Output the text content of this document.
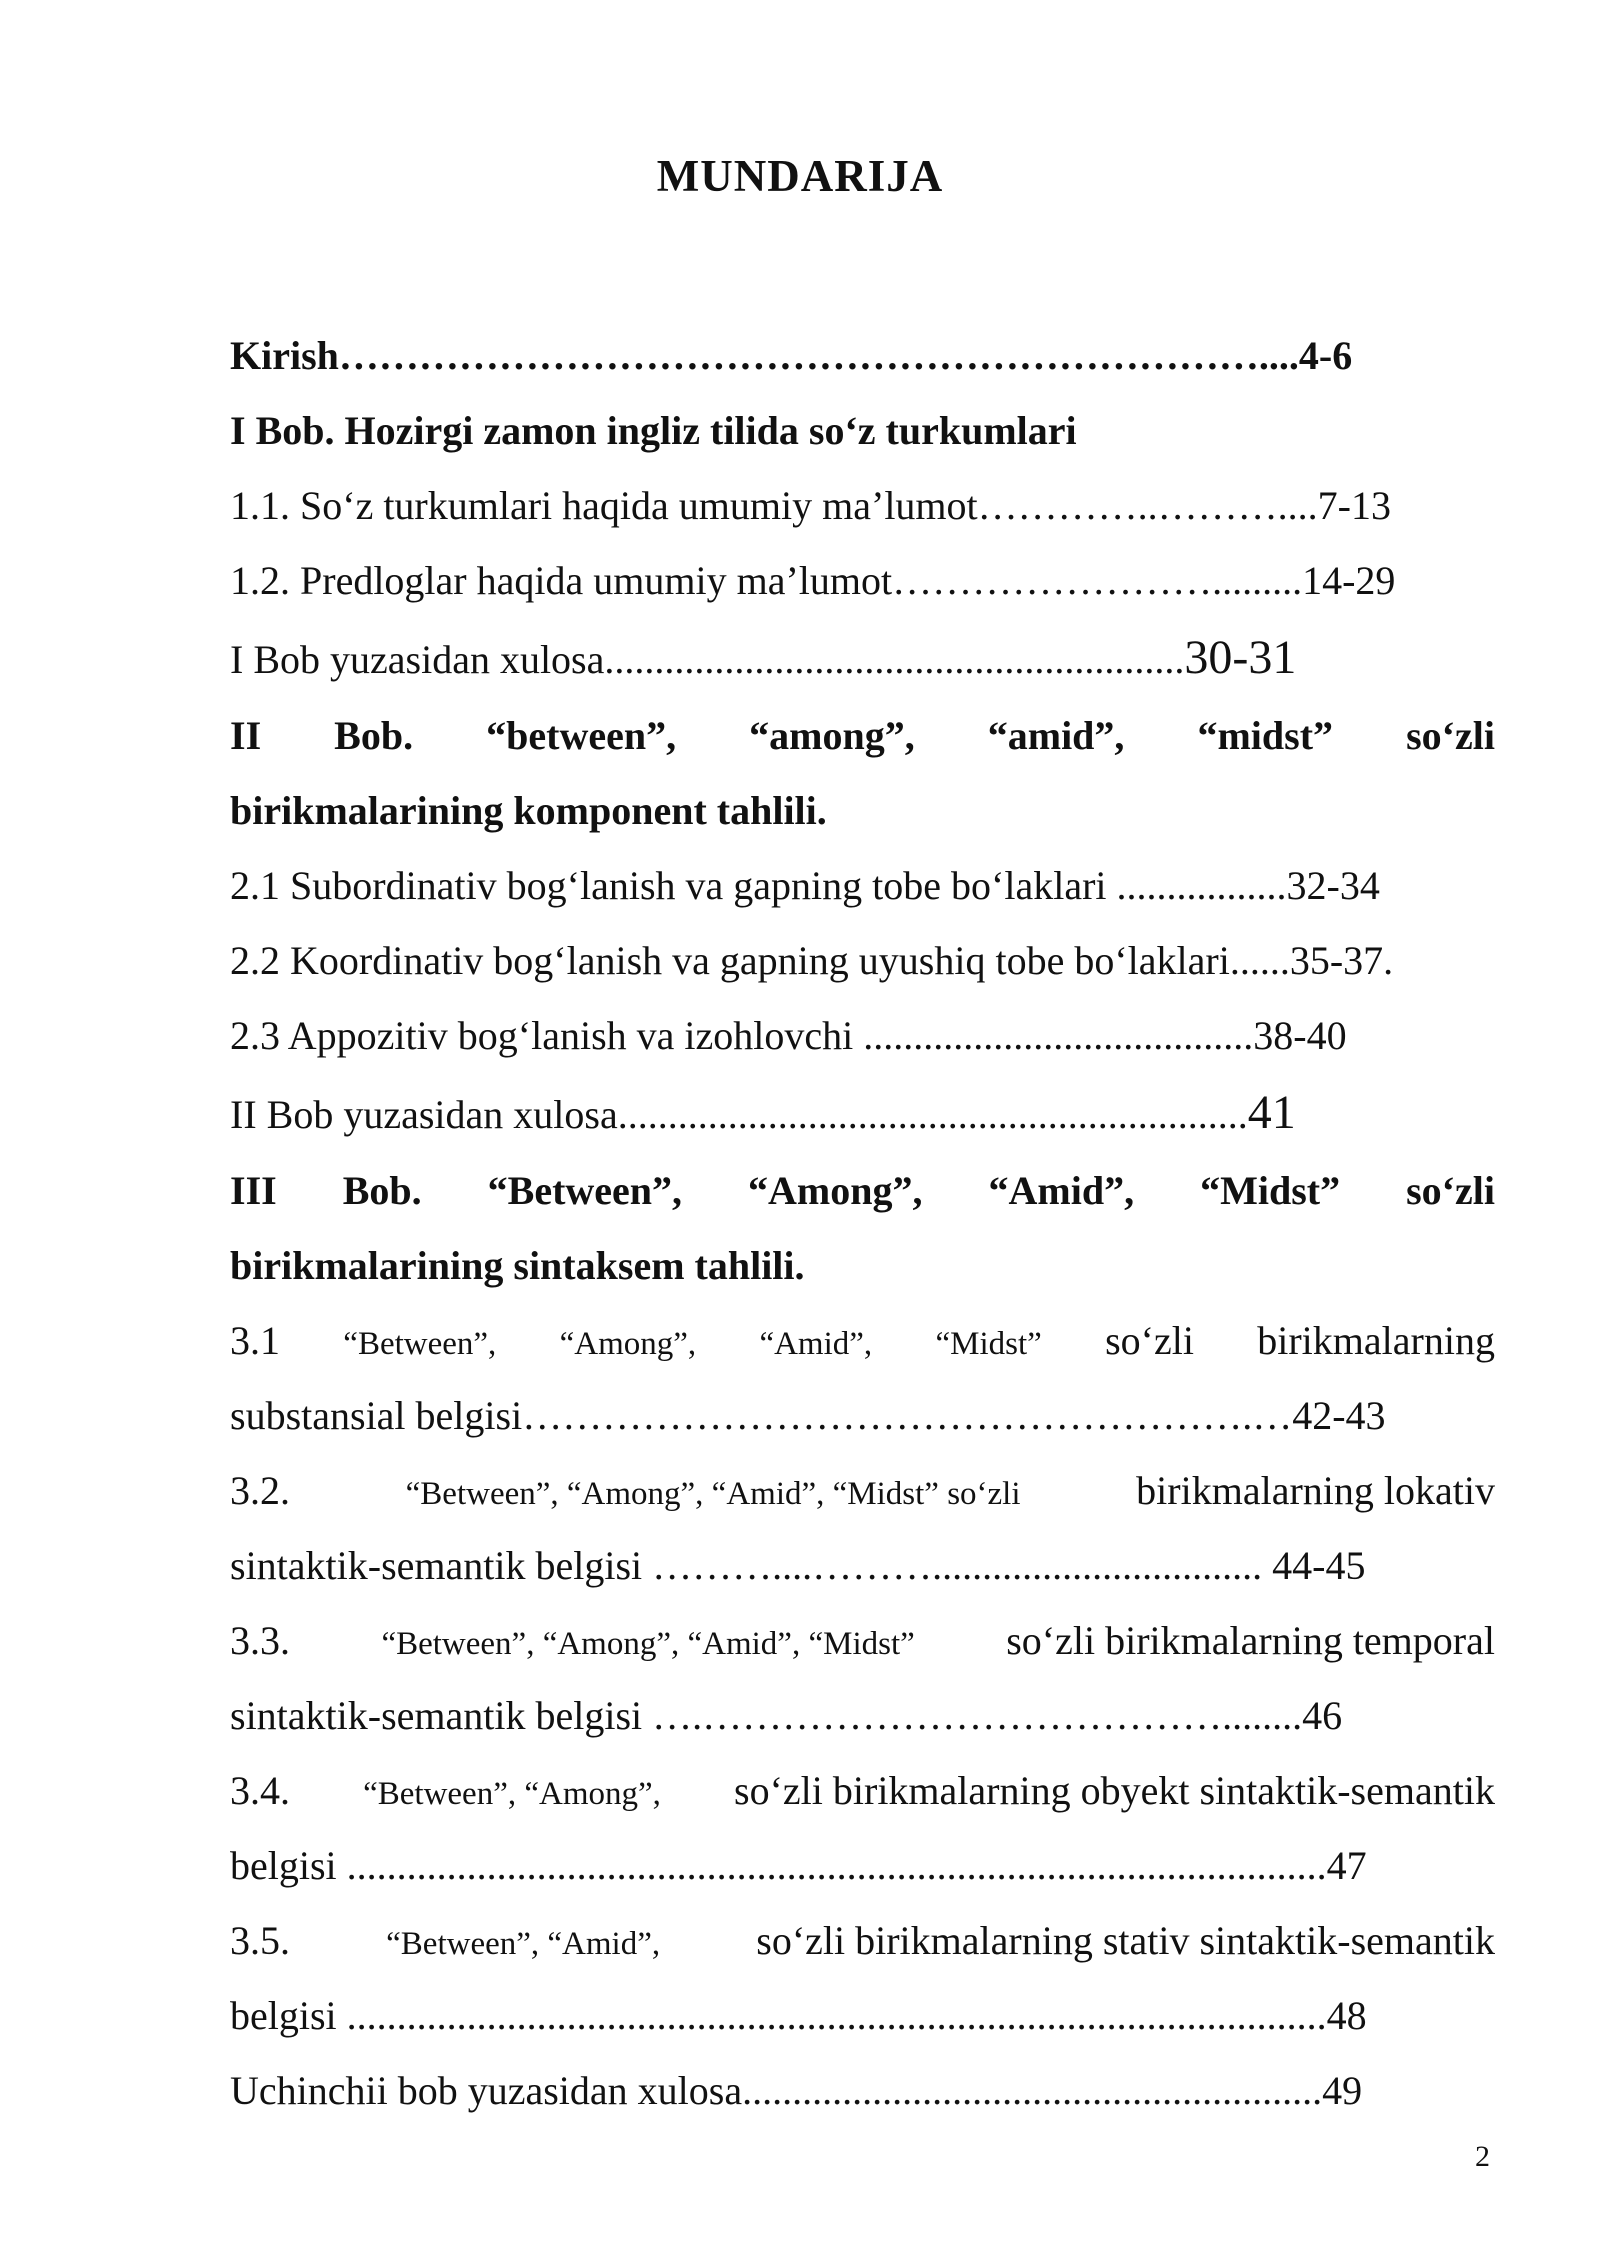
MUNDARIJA
Kirish……………………………………………………………....4-6
I Bob. Hozirgi zamon ingliz tilida so‘z turkumlari
1.1. So‘z turkumlari haqida umumiy ma’lumot…………..………....7-13
1.2. Predloglar haqida umumiy ma’lumot…………………….........14-29
I Bob yuzasidan xulosa..........................................................30-31
II Bob. “between”, “among”, “amid”, “midst” so‘zli
birikmalarining komponent tahlili.
2.1 Subordinativ bog‘lanish va gapning tobe bo‘laklari .................32-34
2.2 Koordinativ bog‘lanish va gapning uyushiq tobe bo‘laklari......35-37.
2.3 Appozitiv bog‘lanish va izohlovchi .......................................38-40
II Bob yuzasidan xulosa...............................................................41
III Bob. “Between”, “Among”, “Amid”, “Midst” so‘zli
birikmalarining sintaksem tahlili.
3.1 “Between”, “Among”, “Amid”, “Midst” so‘zli birikmalarning
substansial belgisi……………………………………………….…42-43
3.2.	“Between”, “Among”, “Amid”, “Midst” so‘zli	birikmalarning lokativ
sintaktik-semantik belgisi ………....………................................. 44-45
3.3.	“Between”, “Among”, “Amid”, “Midst” so‘zli birikmalarning temporal
sintaktik-semantik belgisi ….…………………………………........46
3.4. “Between”, “Among”, so‘zli birikmalarning obyekt sintaktik-semantik
belgisi ..................................................................................................47
3.5.	“Between”, “Amid”, so‘zli birikmalarning stativ sintaktik-semantik
belgisi ..................................................................................................48
Uchinchii bob yuzasidan xulosa..........................................................49
2
